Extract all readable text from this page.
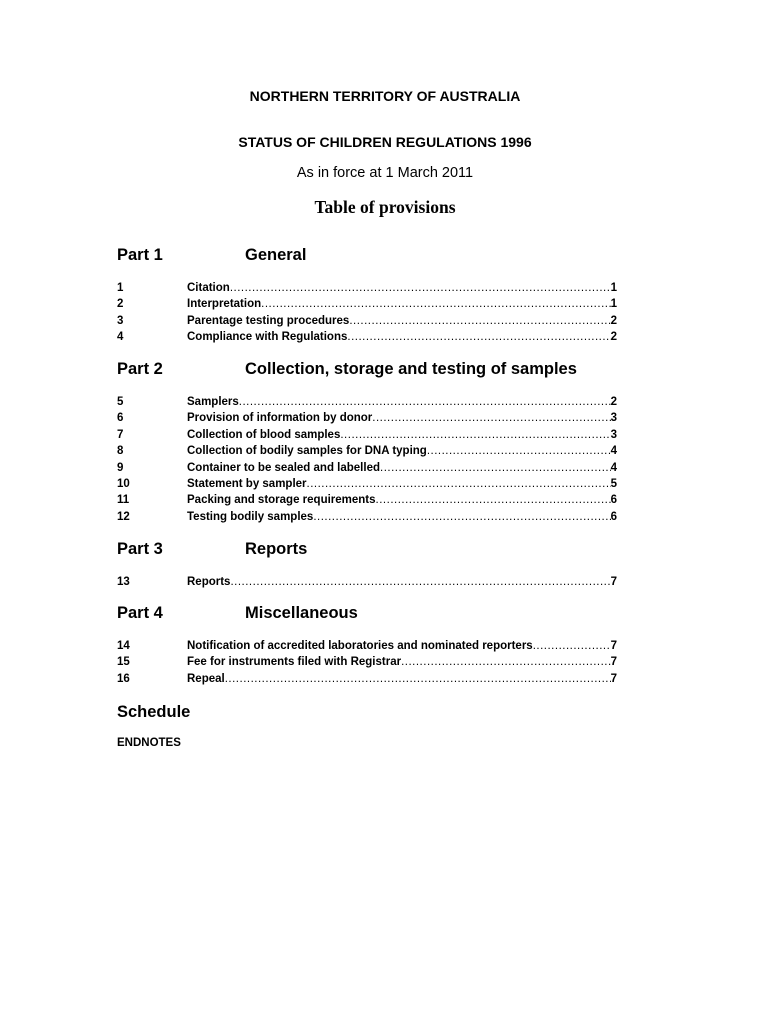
NORTHERN TERRITORY OF AUSTRALIA
STATUS OF CHILDREN REGULATIONS 1996
As in force at 1 March 2011
Table of provisions
Part 1	General
1	Citation .....	1
2	Interpretation .....	1
3	Parentage testing procedures .....	2
4	Compliance with Regulations .....	2
Part 2	Collection, storage and testing of samples
5	Samplers .....	2
6	Provision of information by donor .....	3
7	Collection of blood samples .....	3
8	Collection of bodily samples for DNA typing .....	4
9	Container to be sealed and labelled .....	4
10	Statement by sampler .....	5
11	Packing and storage requirements .....	6
12	Testing bodily samples .....	6
Part 3	Reports
13	Reports .....	7
Part 4	Miscellaneous
14	Notification of accredited laboratories and nominated reporters .....	7
15	Fee for instruments filed with Registrar .....	7
16	Repeal .....	7
Schedule
ENDNOTES
